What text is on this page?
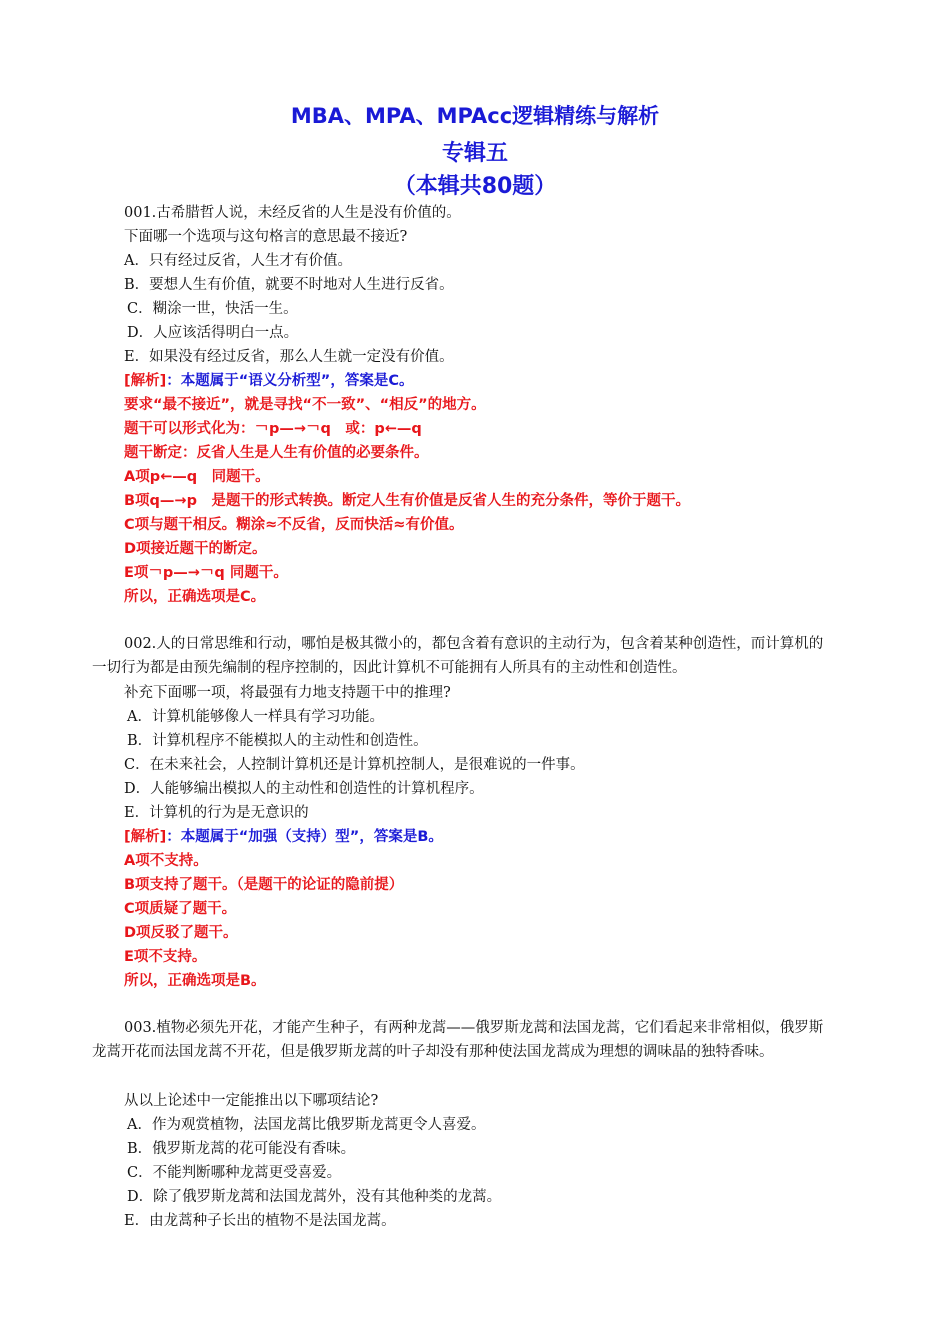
MBA、MPA、MPAcc逻辑精练与解析
专辑五
（本辑共80题）
001.古希腊哲人说，未经反省的人生是没有价值的。
下面哪一个选项与这句格言的意思最不接近?
A．只有经过反省，人生才有价值。
B．要想人生有价值，就要不时地对人生进行反省。
C．糊涂一世，快活一生。
D．人应该活得明白一点。
E．如果没有经过反省，那么人生就一定没有价值。
[解析]：本题属于“语义分析型”，答案是C。
要求“最不接近”，就是寻找“不一致”、“相反”的地方。
题干可以形式化为：￢p—→￢q　或：p←—q
题干断定：反省人生是人生有价值的必要条件。
A项p←—q　同题干。
B项q—→p　是题干的形式转换。断定人生有价值是反省人生的充分条件，等价于题干。
C项与题干相反。糊涂≈不反省，反而快活≈有价值。
D项接近题干的断定。
E项￢p—→￢q 同题干。
所以，正确选项是C。
002.人的日常思维和行动，哪怕是极其微小的，都包含着有意识的主动行为，包含着某种创造性，而计算机的一切行为都是由预先编制的程序控制的，因此计算机不可能拥有人所具有的主动性和创造性。
补充下面哪一项，将最强有力地支持题干中的推理?
A．计算机能够像人一样具有学习功能。
B．计算机程序不能模拟人的主动性和创造性。
C．在未来社会，人控制计算机还是计算机控制人，是很难说的一件事。
D．人能够编出模拟人的主动性和创造性的计算机程序。
E．计算机的行为是无意识的
[解析]：本题属于“加强（支持）型”，答案是B。
A项不支持。
B项支持了题干。（是题干的论证的隐前提）
C项质疑了题干。
D项反驳了题干。
E项不支持。
所以，正确选项是B。
003.植物必须先开花，才能产生种子，有两种龙蒿——俄罗斯龙蒿和法国龙蒿，它们看起来非常相似，俄罗斯龙蒿开花而法国龙蒿不开花，但是俄罗斯龙蒿的叶子却没有那种使法国龙蒿成为理想的调味晶的独特香味。
从以上论述中一定能推出以下哪项结论?
A．作为观赏植物，法国龙蒿比俄罗斯龙蒿更令人喜爱。
B．俄罗斯龙蒿的花可能没有香味。
C．不能判断哪种龙蒿更受喜爱。
D．除了俄罗斯龙蒿和法国龙蒿外，没有其他种类的龙蒿。
E．由龙蒿种子长出的植物不是法国龙蒿。
